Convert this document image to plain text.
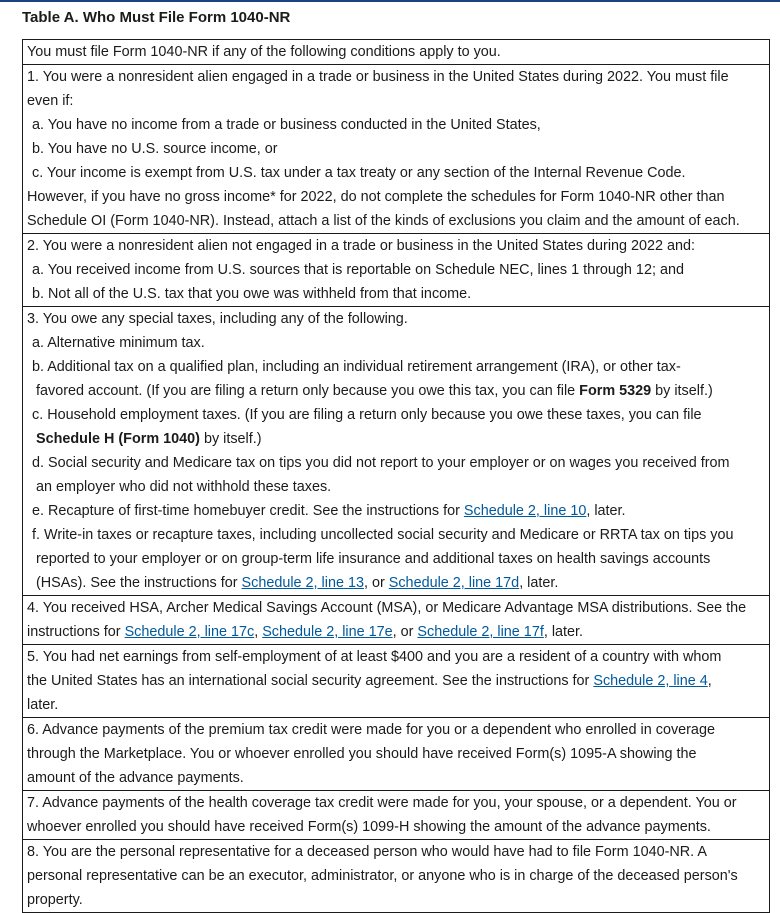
Table A. Who Must File Form 1040-NR
You must file Form 1040-NR if any of the following conditions apply to you.
1. You were a nonresident alien engaged in a trade or business in the United States during 2022. You must file
even if:
a. You have no income from a trade or business conducted in the United States,
b. You have no U.S. source income, or
c. Your income is exempt from U.S. tax under a tax treaty or any section of the Internal Revenue Code.
However, if you have no gross income* for 2022, do not complete the schedules for Form 1040-NR other than
Schedule OI (Form 1040-NR). Instead, attach a list of the kinds of exclusions you claim and the amount of each.
2. You were a nonresident alien not engaged in a trade or business in the United States during 2022 and:
a. You received income from U.S. sources that is reportable on Schedule NEC, lines 1 through 12; and
b. Not all of the U.S. tax that you owe was withheld from that income.
3. You owe any special taxes, including any of the following.
a. Alternative minimum tax.
b. Additional tax on a qualified plan, including an individual retirement arrangement (IRA), or other tax-
favored account. (If you are filing a return only because you owe this tax, you can file Form 5329 by itself.)
c. Household employment taxes. (If you are filing a return only because you owe these taxes, you can file
Schedule H (Form 1040) by itself.)
d. Social security and Medicare tax on tips you did not report to your employer or on wages you received from
an employer who did not withhold these taxes.
e. Recapture of first-time homebuyer credit. See the instructions for Schedule 2, line 10, later.
f. Write-in taxes or recapture taxes, including uncollected social security and Medicare or RRTA tax on tips you
reported to your employer or on group-term life insurance and additional taxes on health savings accounts
(HSAs). See the instructions for Schedule 2, line 13, or Schedule 2, line 17d, later.
4. You received HSA, Archer Medical Savings Account (MSA), or Medicare Advantage MSA distributions. See the
instructions for Schedule 2, line 17c, Schedule 2, line 17e, or Schedule 2, line 17f, later.
5. You had net earnings from self-employment of at least $400 and you are a resident of a country with whom
the United States has an international social security agreement. See the instructions for Schedule 2, line 4,
later.
6. Advance payments of the premium tax credit were made for you or a dependent who enrolled in coverage
through the Marketplace. You or whoever enrolled you should have received Form(s) 1095-A showing the
amount of the advance payments.
7. Advance payments of the health coverage tax credit were made for you, your spouse, or a dependent. You or
whoever enrolled you should have received Form(s) 1099-H showing the amount of the advance payments.
8. You are the personal representative for a deceased person who would have had to file Form 1040-NR. A
personal representative can be an executor, administrator, or anyone who is in charge of the deceased person's
property.
